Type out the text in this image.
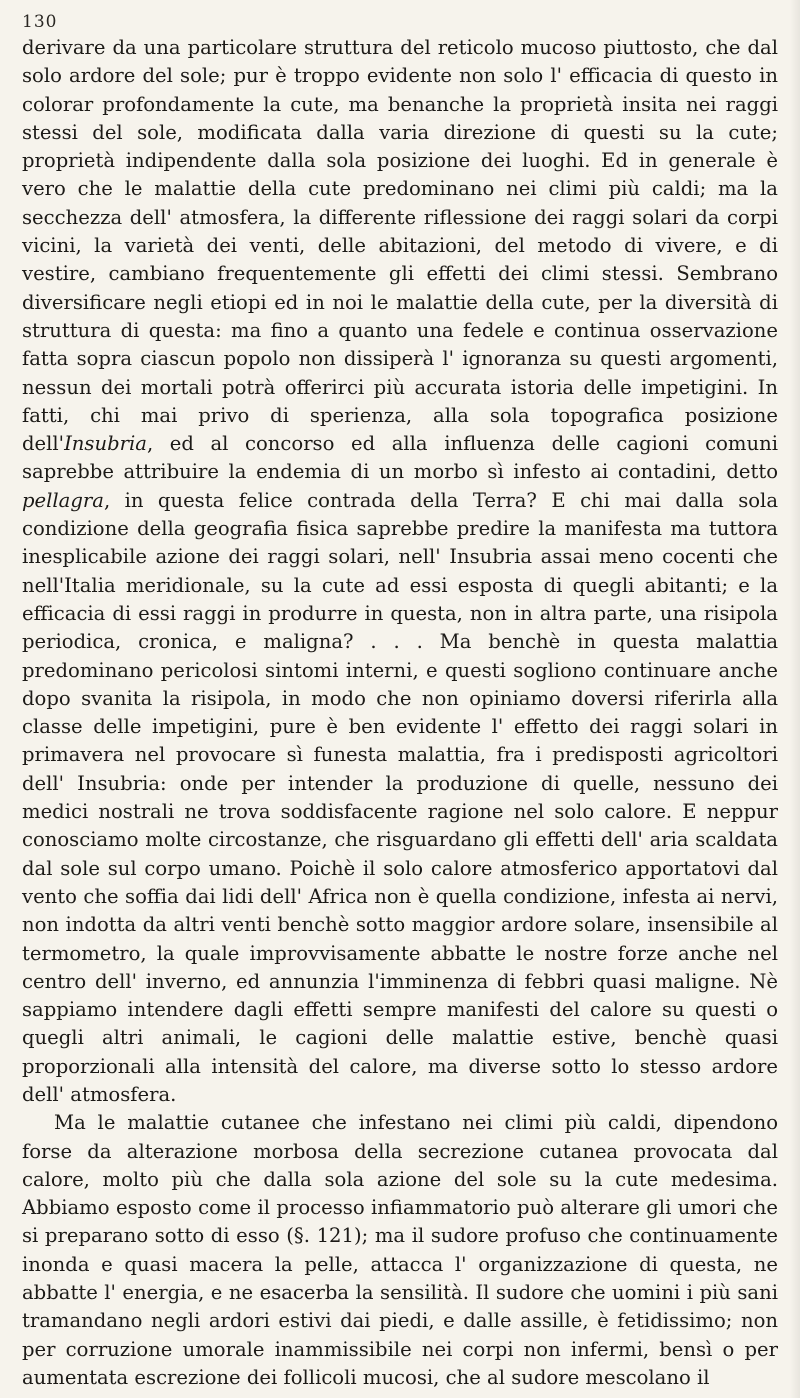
130

derivare da una particolare struttura del reticolo mucoso piuttosto, che dal solo ardore del sole; pur è troppo evidente non solo l' efficacia di questo in colorar profondamente la cute, ma benanche la proprietà insita nei raggi stessi del sole, modificata dalla varia direzione di questi su la cute; proprietà indipendente dalla sola posizione dei luoghi. Ed in generale è vero che le malattie della cute predominano nei climi più caldi; ma la secchezza dell' atmosfera, la differente riflessione dei raggi solari da corpi vicini, la varietà dei venti, delle abitazioni, del metodo di vivere, e di vestire, cambiano frequentemente gli effetti dei climi stessi. Sembrano diversificare negli etiopi ed in noi le malattie della cute, per la diversità di struttura di questa: ma fino a quanto una fedele e continua osservazione fatta sopra ciascun popolo non dissiperà l' ignoranza su questi argomenti, nessun dei mortali potrà offerirci più accurata istoria delle impetigini. In fatti, chi mai privo di sperienza, alla sola topografica posizione dell'Insubria, ed al concorso ed alla influenza delle cagioni comuni saprebbe attribuire la endemia di un morbo sì infesto ai contadini, detto pellagra, in questa felice contrada della Terra? E chi mai dalla sola condizione della geografia fisica saprebbe predire la manifesta ma tuttora inesplicabile azione dei raggi solari, nell' Insubria assai meno cocenti che nell'Italia meridionale, su la cute ad essi esposta di quegli abitanti; e la efficacia di essi raggi in produrre in questa, non in altra parte, una risipola periodica, cronica, e maligna? . . . Ma benchè in questa malattia predominano pericolosi sintomi interni, e questi sogliono continuare anche dopo svanita la risipola, in modo che non opiniamo doversi riferirla alla classe delle impetigini, pure è ben evidente l' effetto dei raggi solari in primavera nel provocare sì funesta malattia, fra i predisposti agricoltori dell' Insubria: onde per intender la produzione di quelle, nessuno dei medici nostrali ne trova soddisfacente ragione nel solo calore. E neppur conosciamo molte circostanze, che risguardano gli effetti dell' aria scaldata dal sole sul corpo umano. Poichè il solo calore atmosferico apportatovi dal vento che soffia dai lidi dell' Africa non è quella condizione, infesta ai nervi, non indotta da altri venti benchè sotto maggior ardore solare, insensibile al termometro, la quale improvvisamente abbatte le nostre forze anche nel centro dell' inverno, ed annunzia l'imminenza di febbri quasi maligne. Nè sappiamo intendere dagli effetti sempre manifesti del calore su questi o quegli altri animali, le cagioni delle malattie estive, benchè quasi proporzionali alla intensità del calore, ma diverse sotto lo stesso ardore dell' atmosfera.

Ma le malattie cutanee che infestano nei climi più caldi, dipendono forse da alterazione morbosa della secrezione cutanea provocata dal calore, molto più che dalla sola azione del sole su la cute medesima. Abbiamo esposto come il processo infiammatorio può alterare gli umori che si preparano sotto di esso (§. 121); ma il sudore profuso che continuamente inonda e quasi macera la pelle, attacca l' organizzazione di questa, ne abbatte l' energia, e ne esacerba la sensilità. Il sudore che uomini i più sani tramandano negli ardori estivi dai piedi, e dalle assille, è fetidissimo; non per corruzione umorale inammissibile nei corpi non infermi, bensì o per aumentata escrezione dei follicoli mucosi, che al sudore mescolano il
